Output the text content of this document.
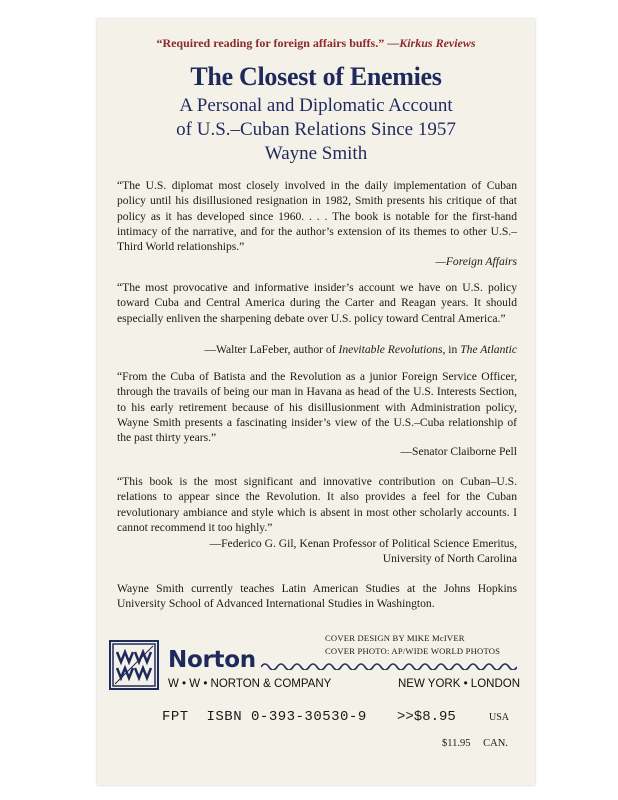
“Required reading for foreign affairs buffs.” —Kirkus Reviews
The Closest of Enemies
A Personal and Diplomatic Account
of U.S.–Cuban Relations Since 1957
Wayne Smith

“The U.S. diplomat most closely involved in the daily implementation of Cuban policy until his disillusioned resignation in 1982, Smith presents his critique of that policy as it has developed since 1960. . . . The book is notable for the first-hand intimacy of the narrative, and for the author’s extension of its themes to other U.S.–Third World relationships.”

—Foreign Affairs

“The most provocative and informative insider’s account we have on U.S. policy toward Cuba and Central America during the Carter and Reagan years. It should especially enliven the sharpening debate over U.S. policy toward Central America.”

—Walter LaFeber, author of Inevitable Revolutions, in The Atlantic

“From the Cuba of Batista and the Revolution as a junior Foreign Service Officer, through the travails of being our man in Havana as head of the U.S. Interests Section, to his early retirement because of his disillusionment with Administration policy, Wayne Smith presents a fascinating insider’s view of the U.S.–Cuba relationship of the past thirty years.”

—Senator Claiborne Pell

“This book is the most significant and innovative contribution on Cuban–U.S. relations to appear since the Revolution. It also provides a feel for the Cuban revolutionary ambiance and style which is absent in most other scholarly accounts. I cannot recommend it too highly.”

—Federico G. Gil, Kenan Professor of Political Science Emeritus,
University of North Carolina

Wayne Smith currently teaches Latin American Studies at the Johns Hopkins University School of Advanced International Studies in Washington.

COVER DESIGN BY MIKE McIVER
COVER PHOTO: AP/WIDE WORLD PHOTOS
Norton
W • W • NORTON & COMPANY	NEW YORK • LONDON
FPT  ISBN 0-393-30530-9 >>$8.95	USA
$11.95 CAN.
